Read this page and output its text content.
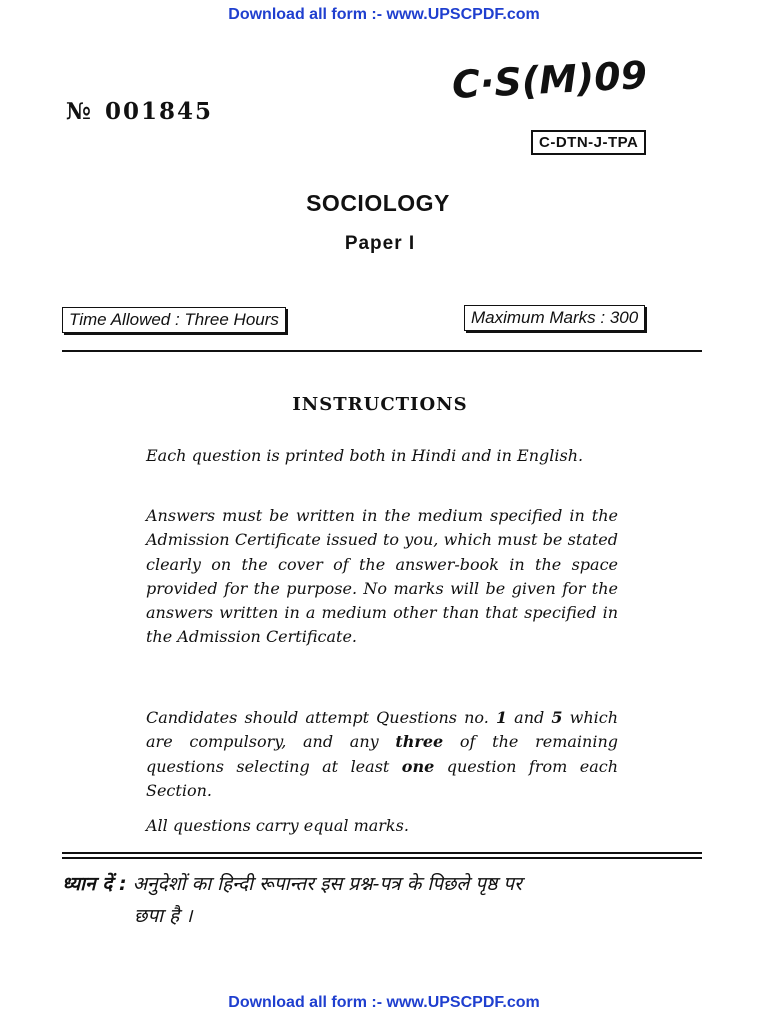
Download all form :- www.UPSCPDF.com
№ 001845
C·S(M)09
C-DTN-J-TPA
SOCIOLOGY
Paper I
Time Allowed : Three Hours	Maximum Marks : 300
INSTRUCTIONS

Each question is printed both in Hindi and in English.

Answers must be written in the medium specified in the Admission Certificate issued to you, which must be stated clearly on the cover of the answer-book in the space provided for the purpose. No marks will be given for the answers written in a medium other than that specified in the Admission Certificate.

Candidates should attempt Questions no. 1 and 5 which are compulsory, and any three of the remaining questions selecting at least one question from each Section.

All questions carry equal marks.

ध्यान दें : अनुदेशों का हिन्दी रूपान्तर इस प्रश्न-पत्र के पिछले पृष्ठ पर
छपा है ।
Download all form :- www.UPSCPDF.com
